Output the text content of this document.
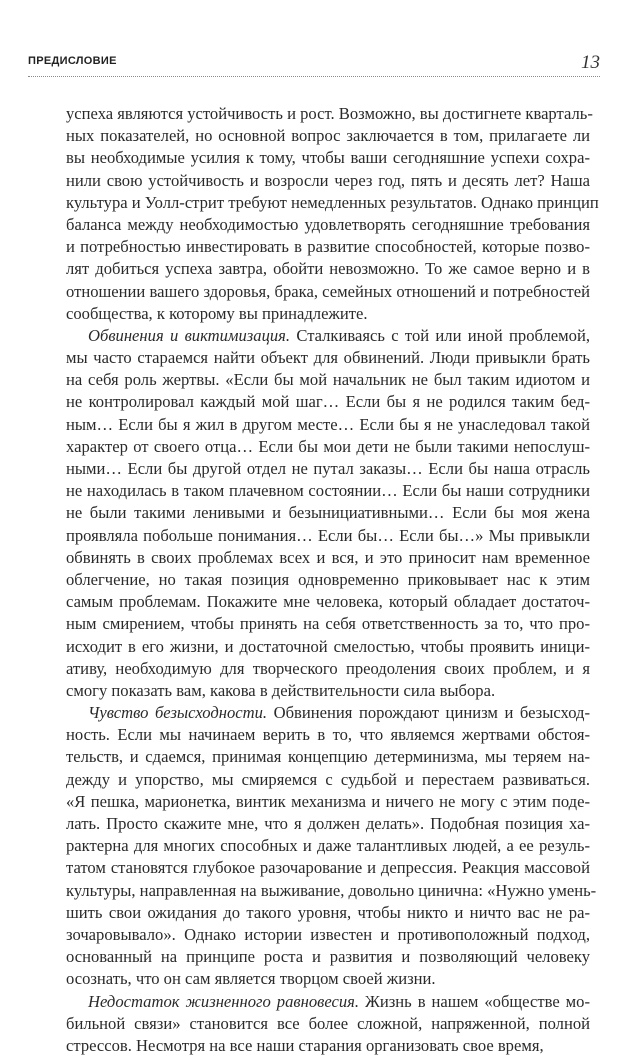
ПРЕДИСЛОВИЕ	13
успеха являются устойчивость и рост. Возможно, вы достигнете кварталь-
ных показателей, но основной вопрос заключается в том, прилагаете ли
вы необходимые усилия к тому, чтобы ваши сегодняшние успехи сохра-
нили свою устойчивость и возросли через год, пять и десять лет? Наша
культура и Уолл-стрит требуют немедленных результатов. Однако принцип
баланса между необходимостью удовлетворять сегодняшние требования
и потребностью инвестировать в развитие способностей, которые позво-
лят добиться успеха завтра, обойти невозможно. То же самое верно и в
отношении вашего здоровья, брака, семейных отношений и потребностей
сообщества, к которому вы принадлежите.
Обвинения и виктимизация. Сталкиваясь с той или иной проблемой,
мы часто стараемся найти объект для обвинений. Люди привыкли брать
на себя роль жертвы. «Если бы мой начальник не был таким идиотом и
не контролировал каждый мой шаг… Если бы я не родился таким бед-
ным… Если бы я жил в другом месте… Если бы я не унаследовал такой
характер от своего отца… Если бы мои дети не были такими непослуш-
ными… Если бы другой отдел не путал заказы… Если бы наша отрасль
не находилась в таком плачевном состоянии… Если бы наши сотрудники
не были такими ленивыми и безынициативными… Если бы моя жена
проявляла побольше понимания… Если бы… Если бы…» Мы привыкли
обвинять в своих проблемах всех и вся, и это приносит нам временное
облегчение, но такая позиция одновременно приковывает нас к этим
самым проблемам. Покажите мне человека, который обладает достаточ-
ным смирением, чтобы принять на себя ответственность за то, что про-
исходит в его жизни, и достаточной смелостью, чтобы проявить иници-
ативу, необходимую для творческого преодоления своих проблем, и я
смогу показать вам, какова в действительности сила выбора.
Чувство безысходности. Обвинения порождают цинизм и безысход-
ность. Если мы начинаем верить в то, что являемся жертвами обстоя-
тельств, и сдаемся, принимая концепцию детерминизма, мы теряем на-
дежду и упорство, мы смиряемся с судьбой и перестаем развиваться.
«Я пешка, марионетка, винтик механизма и ничего не могу с этим поде-
лать. Просто скажите мне, что я должен делать». Подобная позиция ха-
рактерна для многих способных и даже талантливых людей, а ее резуль-
татом становятся глубокое разочарование и депрессия. Реакция массовой
культуры, направленная на выживание, довольно цинична: «Нужно умень-
шить свои ожидания до такого уровня, чтобы никто и ничто вас не ра-
зочаровывало». Однако истории известен и противоположный подход,
основанный на принципе роста и развития и позволяющий человеку
осознать, что он сам является творцом своей жизни.
Недостаток жизненного равновесия. Жизнь в нашем «обществе мо-
бильной связи» становится все более сложной, напряженной, полной
стрессов. Несмотря на все наши старания организовать свое время,
